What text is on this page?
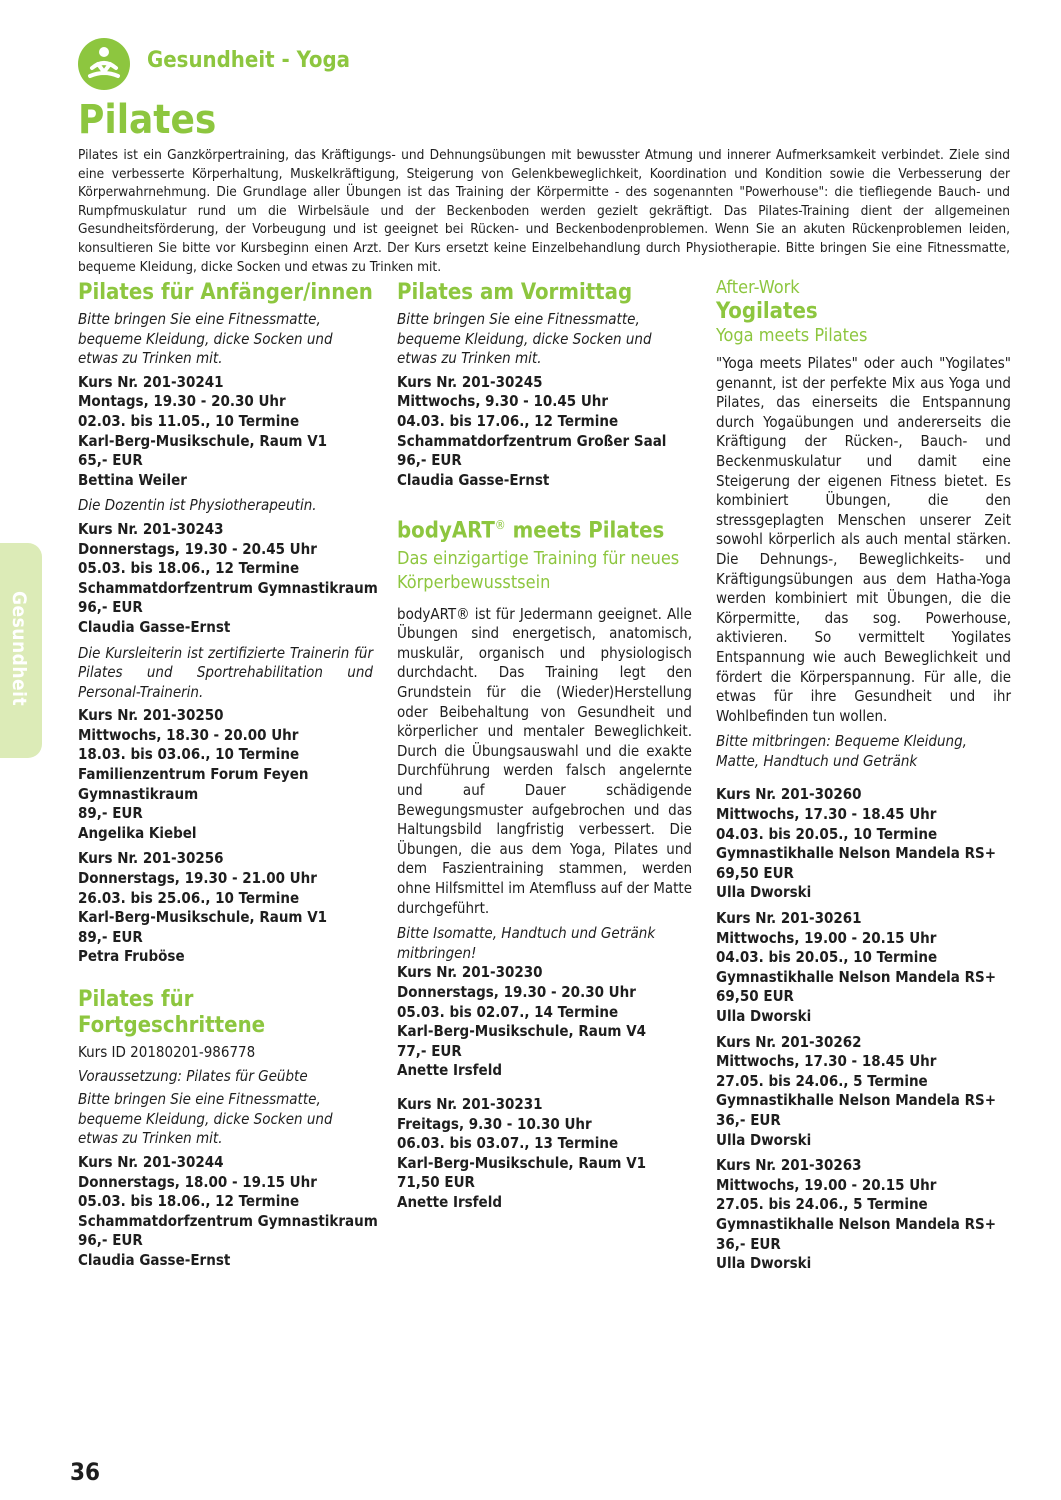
Gesundheit - Yoga
Pilates

Pilates ist ein Ganzkörpertraining, das Kräftigungs- und Dehnungsübungen mit bewusster Atmung und innerer Aufmerksamkeit verbindet. Ziele sind eine verbesserte Körperhaltung, Muskelkräftigung, Steigerung von Gelenkbeweglichkeit, Koordination und Kondition sowie die Verbesserung der Körperwahrnehmung. Die Grundlage aller Übungen ist das Training der Körpermitte - des sogenannten "Powerhouse": die tiefliegende Bauch- und Rumpfmuskulatur rund um die Wirbelsäule und der Beckenboden werden gezielt gekräftigt. Das Pilates-Training dient der allgemeinen Gesundheitsförderung, der Vorbeugung und ist geeignet bei Rücken- und Beckenbodenproblemen. Wenn Sie an akuten Rückenproblemen leiden, konsultieren Sie bitte vor Kursbeginn einen Arzt. Der Kurs ersetzt keine Einzelbehandlung durch Physiotherapie. Bitte bringen Sie eine Fitnessmatte, bequeme Kleidung, dicke Socken und etwas zu Trinken mit.

Pilates für Anfänger/innen

Bitte bringen Sie eine Fitnessmatte, bequeme Kleidung, dicke Socken und etwas zu Trinken mit.

Kurs Nr. 201-30241
Montags, 19.30 - 20.30 Uhr
02.03. bis 11.05., 10 Termine
Karl-Berg-Musikschule, Raum V1
65,- EUR
Bettina Weiler

Die Dozentin ist Physiotherapeutin.

Kurs Nr. 201-30243
Donnerstags, 19.30 - 20.45 Uhr
05.03. bis 18.06., 12 Termine
Schammatdorfzentrum Gymnastikraum
96,- EUR
Claudia Gasse-Ernst

Die Kursleiterin ist zertifizierte Trainerin für Pilates und Sportrehabilitation und Personal-Trainerin.

Kurs Nr. 201-30250
Mittwochs, 18.30 - 20.00 Uhr
18.03. bis 03.06., 10 Termine
Familienzentrum Forum Feyen
Gymnastikraum
89,- EUR
Angelika Kiebel
Kurs Nr. 201-30256
Donnerstags, 19.30 - 21.00 Uhr
26.03. bis 25.06., 10 Termine
Karl-Berg-Musikschule, Raum V1
89,- EUR
Petra Fruböse
Pilates für Fortgeschrittene
Kurs ID 20180201-986778

Voraussetzung: Pilates für Geübte

Bitte bringen Sie eine Fitnessmatte, bequeme Kleidung, dicke Socken und etwas zu Trinken mit.

Kurs Nr. 201-30244
Donnerstags, 18.00 - 19.15 Uhr
05.03. bis 18.06., 12 Termine
Schammatdorfzentrum Gymnastikraum
96,- EUR
Claudia Gasse-Ernst
Pilates am Vormittag

Bitte bringen Sie eine Fitnessmatte, bequeme Kleidung, dicke Socken und etwas zu Trinken mit.

Kurs Nr. 201-30245
Mittwochs, 9.30 - 10.45 Uhr
04.03. bis 17.06., 12 Termine
Schammatdorfzentrum Großer Saal
96,- EUR
Claudia Gasse-Ernst
bodyART® meets Pilates

Das einzigartige Training für neues Körperbewusstsein

bodyART® ist für Jedermann geeignet. Alle Übungen sind energetisch, anatomisch, muskulär, organisch und physiologisch durchdacht. Das Training legt den Grundstein für die (Wieder)Herstellung oder Beibehaltung von Gesundheit und körperlicher und mentaler Beweglichkeit. Durch die Übungsauswahl und die exakte Durchführung werden falsch angelernte und auf Dauer schädigende Bewegungsmuster aufgebrochen und das Haltungsbild langfristig verbessert. Die Übungen, die aus dem Yoga, Pilates und dem Faszientraining stammen, werden ohne Hilfsmittel im Atemfluss auf der Matte durchgeführt.

Bitte Isomatte, Handtuch und Getränk mitbringen!

Kurs Nr. 201-30230
Donnerstags, 19.30 - 20.30 Uhr
05.03. bis 02.07., 14 Termine
Karl-Berg-Musikschule, Raum V4
77,- EUR
Anette Irsfeld
Kurs Nr. 201-30231
Freitags, 9.30 - 10.30 Uhr
06.03. bis 03.07., 13 Termine
Karl-Berg-Musikschule, Raum V1
71,50 EUR
Anette Irsfeld

After-Work

Yogilates

Yoga meets Pilates

"Yoga meets Pilates" oder auch "Yogilates" genannt, ist der perfekte Mix aus Yoga und Pilates, das einerseits die Entspannung durch Yogaübungen und andererseits die Kräftigung der Rücken-, Bauch- und Beckenmuskulatur und damit eine Steigerung der eigenen Fitness bietet. Es kombiniert Übungen, die den stressgeplagten Menschen unserer Zeit sowohl körperlich als auch mental stärken. Die Dehnungs-, Beweglichkeits- und Kräftigungsübungen aus dem Hatha-Yoga werden kombiniert mit Übungen, die die Körpermitte, das sog. Powerhouse, aktivieren. So vermittelt Yogilates Entspannung wie auch Beweglichkeit und fördert die Körperspannung. Für alle, die etwas für ihre Gesundheit und ihr Wohlbefinden tun wollen.

Bitte mitbringen: Bequeme Kleidung, Matte, Handtuch und Getränk

Kurs Nr. 201-30260
Mittwochs, 17.30 - 18.45 Uhr
04.03. bis 20.05., 10 Termine
Gymnastikhalle Nelson Mandela RS+
69,50 EUR
Ulla Dworski
Kurs Nr. 201-30261
Mittwochs, 19.00 - 20.15 Uhr
04.03. bis 20.05., 10 Termine
Gymnastikhalle Nelson Mandela RS+
69,50 EUR
Ulla Dworski
Kurs Nr. 201-30262
Mittwochs, 17.30 - 18.45 Uhr
27.05. bis 24.06., 5 Termine
Gymnastikhalle Nelson Mandela RS+
36,- EUR
Ulla Dworski
Kurs Nr. 201-30263
Mittwochs, 19.00 - 20.15 Uhr
27.05. bis 24.06., 5 Termine
Gymnastikhalle Nelson Mandela RS+
36,- EUR
Ulla Dworski
Gesundheit
36
